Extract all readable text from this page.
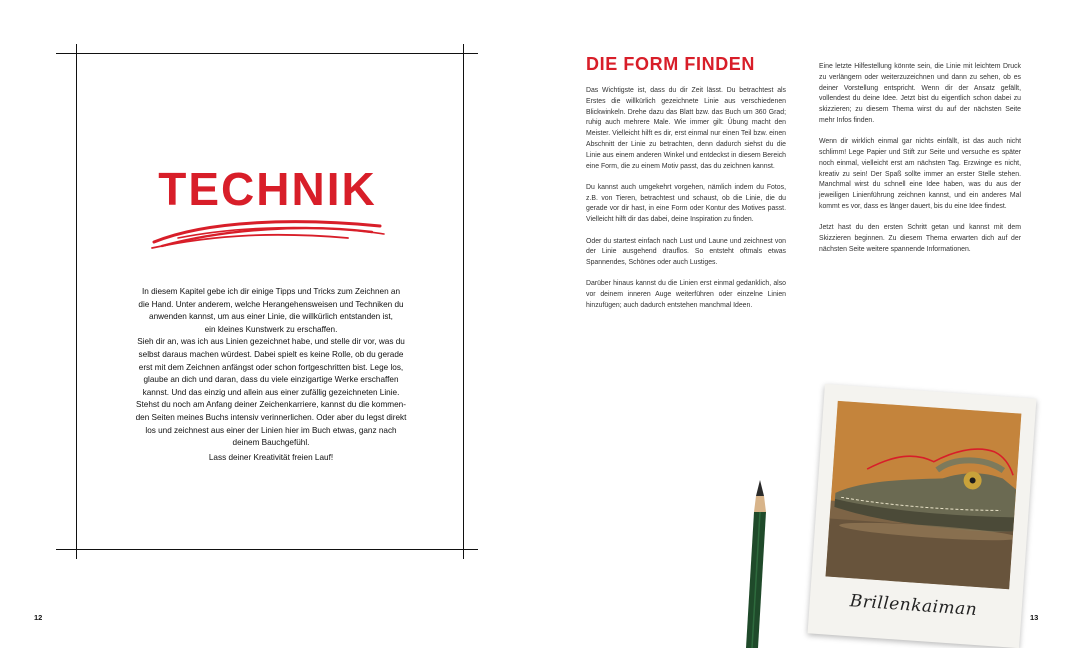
TECHNIK

In diesem Kapitel gebe ich dir einige Tipps und Tricks zum Zeichnen an

die Hand. Unter anderem, welche Herangehensweisen und Techniken du

anwenden kannst, um aus einer Linie, die willkürlich entstanden ist,

ein kleines Kunstwerk zu erschaffen.

Sieh dir an, was ich aus Linien gezeichnet habe, und stelle dir vor, was du

selbst daraus machen würdest. Dabei spielt es keine Rolle, ob du gerade

erst mit dem Zeichnen anfängst oder schon fortgeschritten bist. Lege los,

glaube an dich und daran, dass du viele einzigartige Werke erschaffen

kannst. Und das einzig und allein aus einer zufällig gezeichneten Linie.

Stehst du noch am Anfang deiner Zeichenkarriere, kannst du die kommen-

den Seiten meines Buchs intensiv verinnerlichen. Oder aber du legst direkt

los und zeichnest aus einer der Linien hier im Buch etwas, ganz nach

deinem Bauchgefühl.

Lass deiner Kreativität freien Lauf!

12
DIE FORM FINDEN

Das Wichtigste ist, dass du dir Zeit lässt. Du betrachtest als Erstes die willkürlich gezeichnete Linie aus verschiedenen Blickwinkeln. Drehe dazu das Blatt bzw. das Buch um 360 Grad; ruhig auch mehrere Male. Wie immer gilt: Übung macht den Meister. Vielleicht hilft es dir, erst einmal nur einen Teil bzw. einen Abschnitt der Linie zu betrachten, denn dadurch siehst du die Linie aus einem anderen Winkel und entdeckst in diesem Bereich eine Form, die zu einem Motiv passt, das du zeichnen kannst.

Du kannst auch umgekehrt vorgehen, nämlich indem du Fotos, z.B. von Tieren, betrachtest und schaust, ob die Linie, die du gerade vor dir hast, in eine Form oder Kontur des Motives passt. Vielleicht hilft dir das dabei, deine Inspiration zu finden.

Oder du startest einfach nach Lust und Laune und zeichnest von der Linie ausgehend drauflos. So entsteht oftmals etwas Spannendes, Schönes oder auch Lustiges.

Darüber hinaus kannst du die Linien erst einmal gedanklich, also vor deinem inneren Auge weiterführen oder einzelne Linien hinzufügen; auch dadurch entstehen manchmal Ideen.

Eine letzte Hilfestellung könnte sein, die Linie mit leichtem Druck zu verlängern oder weiterzuzeichnen und dann zu sehen, ob es deiner Vorstellung entspricht. Wenn dir der Ansatz gefällt, vollendest du deine Idee. Jetzt bist du eigentlich schon dabei zu skizzieren; zu diesem Thema wirst du auf der nächsten Seite mehr Infos finden.

Wenn dir wirklich einmal gar nichts einfällt, ist das auch nicht schlimm! Lege Papier und Stift zur Seite und versuche es später noch einmal, vielleicht erst am nächsten Tag. Erzwinge es nicht, kreativ zu sein! Der Spaß sollte immer an erster Stelle stehen. Manchmal wirst du schnell eine Idee haben, was du aus der jeweiligen Linienführung zeichnen kannst, und ein anderes Mal kommt es vor, dass es länger dauert, bis du eine Idee findest.

Jetzt hast du den ersten Schritt getan und kannst mit dem Skizzieren beginnen. Zu diesem Thema erwarten dich auf der nächsten Seite weitere spannende Informationen.

13
Brillenkaiman
